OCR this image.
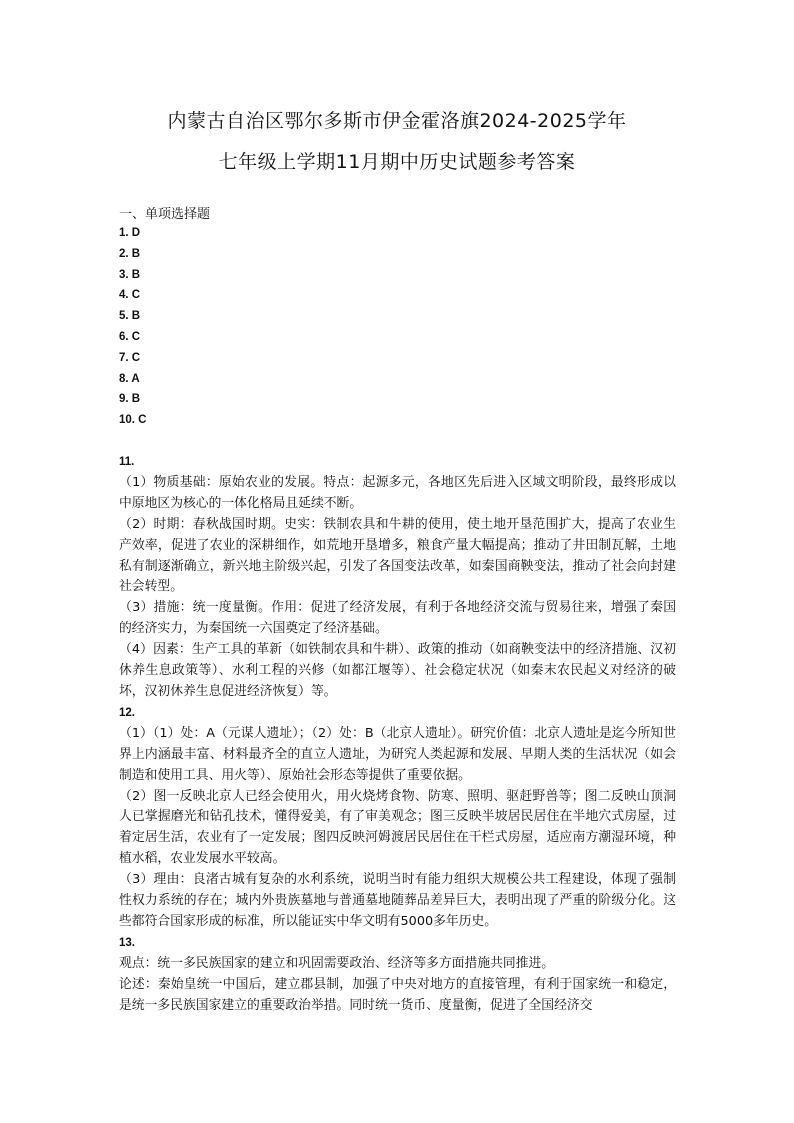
内蒙古自治区鄂尔多斯市伊金霍洛旗2024-2025学年
七年级上学期11月期中历史试题参考答案
一、单项选择题
1. D
2. B
3. B
4. C
5. B
6. C
7. C
8. A
9. B
10. C

11.

（1）物质基础：原始农业的发展。特点：起源多元，各地区先后进入区域文明阶段，最终形成以中原地区为核心的一体化格局且延续不断。

（2）时期：春秋战国时期。史实：铁制农具和牛耕的使用，使土地开垦范围扩大，提高了农业生产效率，促进了农业的深耕细作，如荒地开垦增多，粮食产量大幅提高；推动了井田制瓦解，土地私有制逐渐确立，新兴地主阶级兴起，引发了各国变法改革，如秦国商鞅变法，推动了社会向封建社会转型。

（3）措施：统一度量衡。作用：促进了经济发展，有利于各地经济交流与贸易往来，增强了秦国的经济实力，为秦国统一六国奠定了经济基础。

（4）因素：生产工具的革新（如铁制农具和牛耕）、政策的推动（如商鞅变法中的经济措施、汉初休养生息政策等）、水利工程的兴修（如都江堰等）、社会稳定状况（如秦末农民起义对经济的破坏，汉初休养生息促进经济恢复）等。

12.

（1）（1）处：A（元谋人遗址）；（2）处：B（北京人遗址）。研究价值：北京人遗址是迄今所知世界上内涵最丰富、材料最齐全的直立人遗址，为研究人类起源和发展、早期人类的生活状况（如会制造和使用工具、用火等）、原始社会形态等提供了重要依据。

（2）图一反映北京人已经会使用火，用火烧烤食物、防寒、照明、驱赶野兽等；图二反映山顶洞人已掌握磨光和钻孔技术，懂得爱美，有了审美观念；图三反映半坡居民居住在半地穴式房屋，过着定居生活，农业有了一定发展；图四反映河姆渡居民居住在干栏式房屋，适应南方潮湿环境，种植水稻，农业发展水平较高。

（3）理由：良渚古城有复杂的水利系统，说明当时有能力组织大规模公共工程建设，体现了强制性权力系统的存在；城内外贵族墓地与普通墓地随葬品差异巨大，表明出现了严重的阶级分化。这些都符合国家形成的标准，所以能证实中华文明有5000多年历史。

13.

观点：统一多民族国家的建立和巩固需要政治、经济等多方面措施共同推进。

论述：秦始皇统一中国后，建立郡县制，加强了中央对地方的直接管理，有利于国家统一和稳定，是统一多民族国家建立的重要政治举措。同时统一货币、度量衡，促进了全国经济交
